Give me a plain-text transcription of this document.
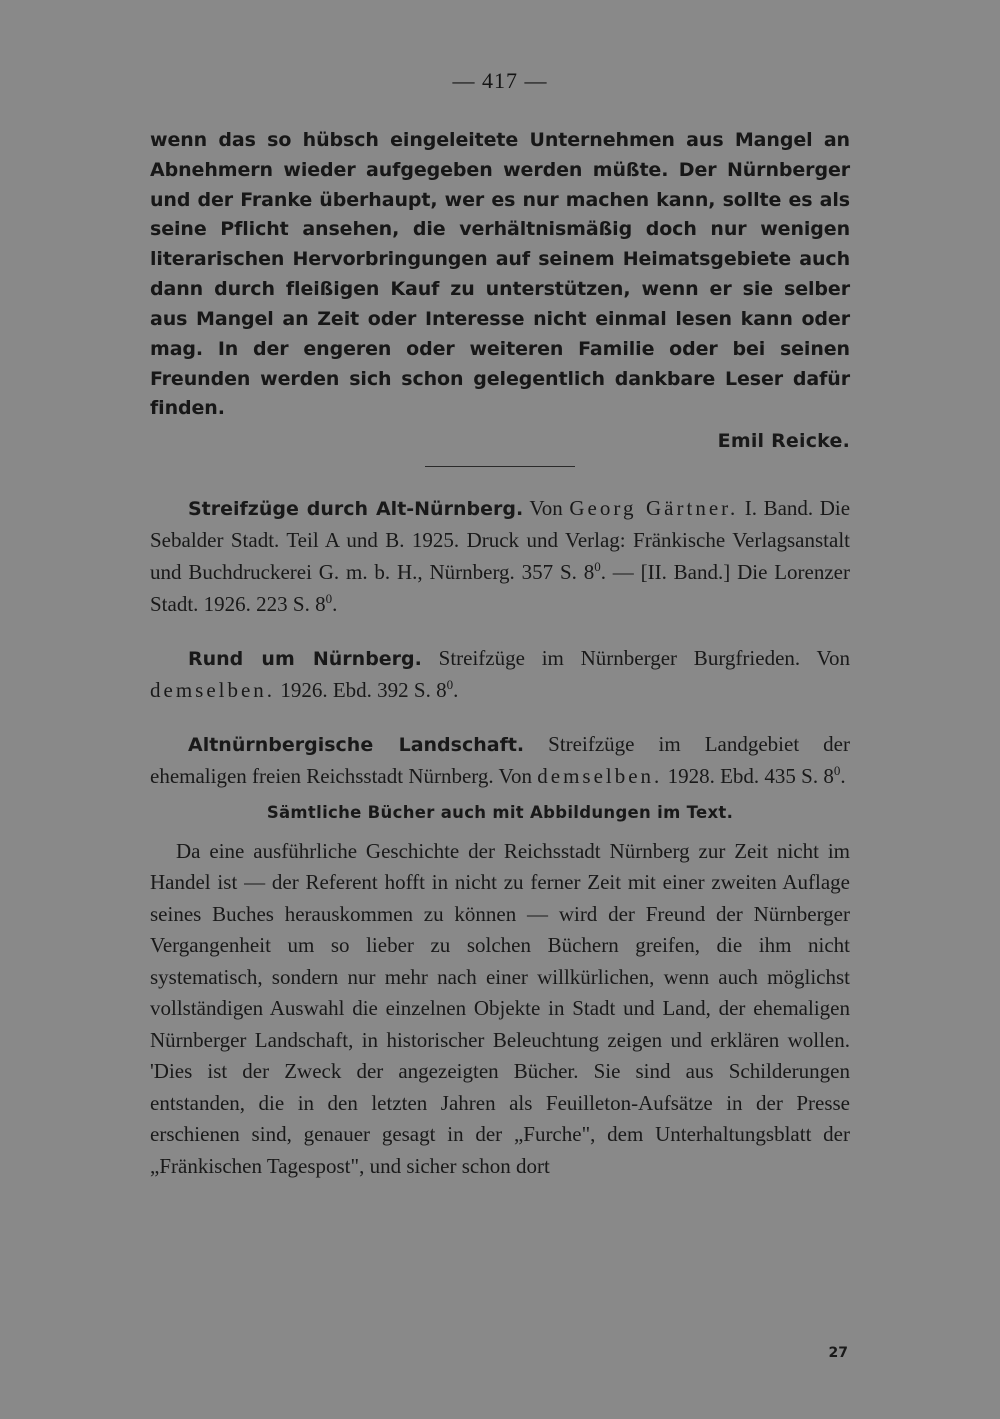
— 417 —

wenn das so hübsch eingeleitete Unternehmen aus Mangel an Abnehmern wieder aufgegeben werden müßte. Der Nürnberger und der Franke überhaupt, wer es nur machen kann, sollte es als seine Pflicht ansehen, die verhältnismäßig doch nur wenigen literarischen Hervorbringungen auf seinem Heimatsgebiete auch dann durch fleißigen Kauf zu unterstützen, wenn er sie selber aus Mangel an Zeit oder Interesse nicht einmal lesen kann oder mag. In der engeren oder weiteren Familie oder bei seinen Freunden werden sich schon gelegentlich dankbare Leser dafür finden.

Emil Reicke.
Streifzüge durch Alt-Nürnberg. Von Georg Gärtner. I. Band. Die Sebalder Stadt. Teil A und B. 1925. Druck und Verlag: Fränkische Verlagsanstalt und Buchdruckerei G. m. b. H., Nürnberg. 357 S. $8^0$. — [II. Band.] Die Lorenzer Stadt. 1926. 223 S. $8^0$.
Rund um Nürnberg. Streifzüge im Nürnberger Burgfrieden. Von demselben. 1926. Ebd. 392 S. $8^0$.
Altnürnbergische Landschaft. Streifzüge im Landgebiet der ehemaligen freien Reichsstadt Nürnberg. Von demselben. 1928. Ebd. 435 S. $8^0$.
Sämtliche Bücher auch mit Abbildungen im Text.
Da eine ausführliche Geschichte der Reichsstadt Nürnberg zur Zeit nicht im Handel ist — der Referent hofft in nicht zu ferner Zeit mit einer zweiten Auflage seines Buches herauskommen zu können — wird der Freund der Nürnberger Vergangenheit um so lieber zu solchen Büchern greifen, die ihm nicht systematisch, sondern nur mehr nach einer willkürlichen, wenn auch möglichst vollständigen Auswahl die einzelnen Objekte in Stadt und Land, der ehemaligen Nürnberger Landschaft, in historischer Beleuchtung zeigen und erklären wollen. 'Dies ist der Zweck der angezeigten Bücher. Sie sind aus Schilderungen entstanden, die in den letzten Jahren als Feuilleton-Aufsätze in der Presse erschienen sind, genauer gesagt in der „Furche", dem Unterhaltungsblatt der „Fränkischen Tagespost", und sicher schon dort
27
